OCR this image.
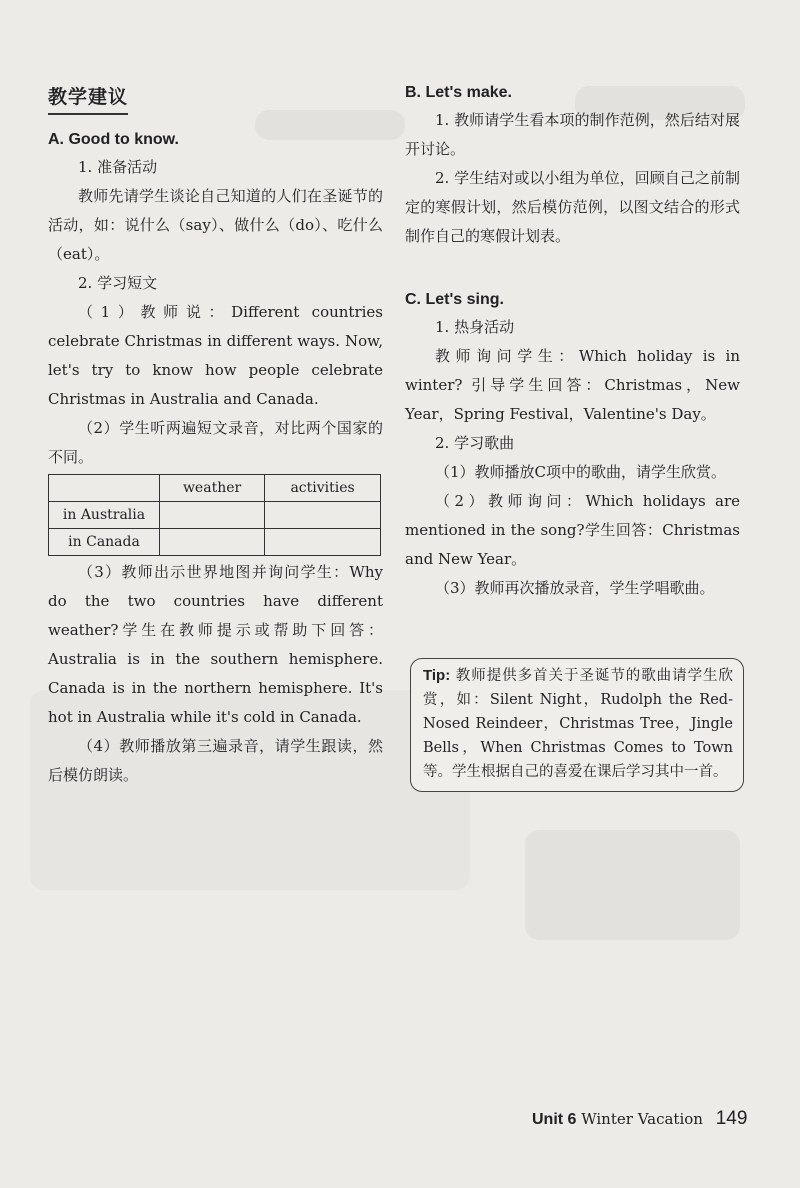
教学建议
A. Good to know.

1. 准备活动

教师先请学生谈论自己知道的人们在圣诞节的活动，如：说什么（say）、做什么（do）、吃什么（eat）。

2. 学习短文

（1）教师说：Different countries celebrate Christmas in different ways. Now, let's try to know how people celebrate Christmas in Australia and Canada.

（2）学生听两遍短文录音，对比两个国家的不同。

	weather	activities
in Australia		
in Canada		

（3）教师出示世界地图并询问学生：Why do the two countries have different weather?学生在教师提示或帮助下回答：Australia is in the southern hemisphere. Canada is in the northern hemisphere. It's hot in Australia while it's cold in Canada.

（4）教师播放第三遍录音，请学生跟读，然后模仿朗读。

B. Let's make.

1. 教师请学生看本项的制作范例，然后结对展开讨论。

2. 学生结对或以小组为单位，回顾自己之前制定的寒假计划，然后模仿范例，以图文结合的形式制作自己的寒假计划表。

C. Let's sing.

1. 热身活动

教师询问学生：Which holiday is in winter? 引导学生回答：Christmas，New Year，Spring Festival，Valentine's Day。

2. 学习歌曲

（1）教师播放C项中的歌曲，请学生欣赏。

（2）教师询问：Which holidays are mentioned in the song?学生回答：Christmas and New Year。

（3）教师再次播放录音，学生学唱歌曲。

Tip: 教师提供多首关于圣诞节的歌曲请学生欣赏，如：Silent Night，Rudolph the Red-Nosed Reindeer，Christmas Tree，Jingle Bells，When Christmas Comes to Town等。学生根据自己的喜爱在课后学习其中一首。
Unit 6 Winter Vacation 149
